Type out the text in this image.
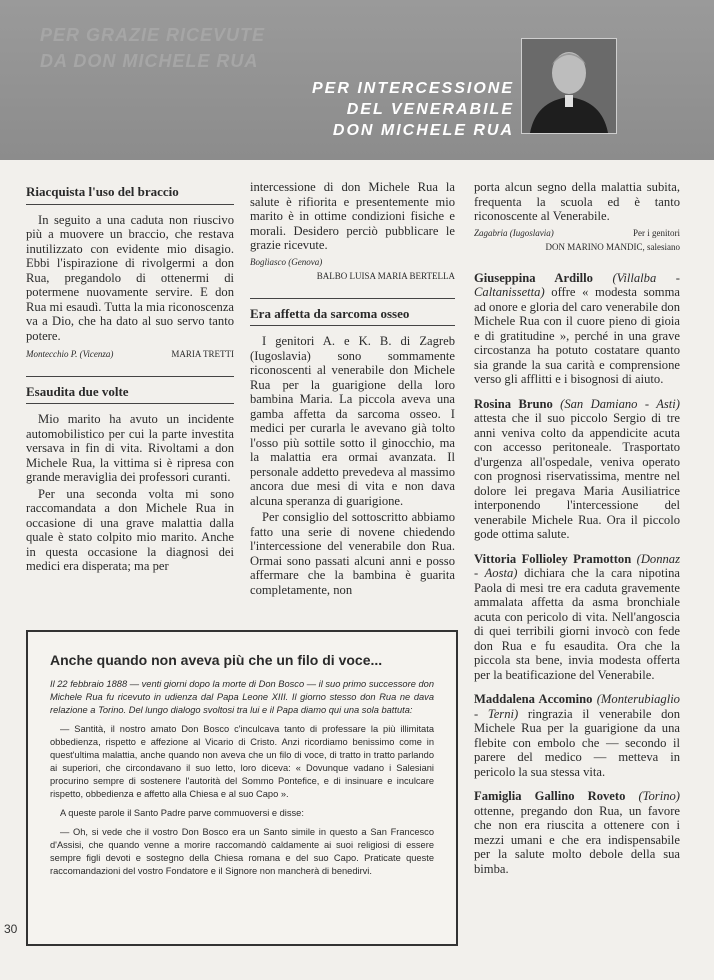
PER GRAZIE RICEVUTE
DA DON MICHELE RUA
PER INTERCESSIONE
DEL VENERABILE
DON MICHELE RUA
Riacquista l'uso del braccio

In seguito a una caduta non riuscivo più a muovere un braccio, che restava inutilizzato con evidente mio disagio. Ebbi l'ispirazione di rivolgermi a don Rua, pregandolo di ottenermi di potermene nuovamente servire. E don Rua mi esaudì. Tutta la mia riconoscenza va a Dio, che ha dato al suo servo tanto potere.

Montecchio P. (Vicenza)	MARIA TRETTI
Esaudita due volte

Mio marito ha avuto un incidente automobilistico per cui la parte investita versava in fin di vita. Rivoltami a don Michele Rua, la vittima si è ripresa con grande meraviglia dei professori curanti.

Per una seconda volta mi sono raccomandata a don Michele Rua in occasione di una grave malattia dalla quale è stato colpito mio marito. Anche in questa occasione la diagnosi dei medici era disperata; ma per

intercessione di don Michele Rua la salute è rifiorita e presentemente mio marito è in ottime condizioni fisiche e morali. Desidero perciò pubblicare le grazie ricevute.

Bogliasco (Genova)
BALBO LUISA MARIA BERTELLA
Era affetta da sarcoma osseo

I genitori A. e K. B. di Zagreb (Iugoslavia) sono sommamente riconoscenti al venerabile don Michele Rua per la guarigione della loro bambina Maria. La piccola aveva una gamba affetta da sarcoma osseo. I medici per curarla le avevano già tolto l'osso più sottile sotto il ginocchio, ma la malattia era ormai avanzata. Il personale addetto prevedeva al massimo ancora due mesi di vita e non dava alcuna speranza di guarigione.

Per consiglio del sottoscritto abbiamo fatto una serie di novene chiedendo l'intercessione del venerabile don Rua. Ormai sono passati alcuni anni e posso affermare che la bambina è guarita completamente, non

porta alcun segno della malattia subita, frequenta la scuola ed è tanto riconoscente al Venerabile.

Zagabria (Iugoslavia)	Per i genitori
DON MARINO MANDIC, salesiano

Giuseppina Ardillo (Villalba - Caltanissetta) offre « modesta somma ad onore e gloria del caro venerabile don Michele Rua con il cuore pieno di gioia e di gratitudine », perché in una grave circostanza ha potuto costatare quanto sia grande la sua carità e comprensione verso gli afflitti e i bisognosi di aiuto.

Rosina Bruno (San Damiano - Asti) attesta che il suo piccolo Sergio di tre anni veniva colto da appendicite acuta con accesso peritoneale. Trasportato d'urgenza all'ospedale, veniva operato con prognosi riservatissima, mentre nel dolore lei pregava Maria Ausiliatrice interponendo l'intercessione del venerabile Michele Rua. Ora il piccolo gode ottima salute.

Vittoria Follioley Pramotton (Donnaz - Aosta) dichiara che la cara nipotina Paola di mesi tre era caduta gravemente ammalata affetta da asma bronchiale acuta con pericolo di vita. Nell'angoscia di quei terribili giorni invocò con fede don Rua e fu esaudita. Ora che la piccola sta bene, invia modesta offerta per la beatificazione del Venerabile.

Maddalena Accomino (Monterubiaglio - Terni) ringrazia il venerabile don Michele Rua per la guarigione da una flebite con embolo che — secondo il parere del medico — metteva in pericolo la sua stessa vita.

Famiglia Gallino Roveto (Torino) ottenne, pregando don Rua, un favore che non era riuscita a ottenere con i mezzi umani e che era indispensabile per la salute molto debole della sua bimba.

Anche quando non aveva più che un filo di voce...

Il 22 febbraio 1888 — venti giorni dopo la morte di Don Bosco — il suo primo successore don Michele Rua fu ricevuto in udienza dal Papa Leone XIII. Il giorno stesso don Rua ne dava relazione a Torino. Del lungo dialogo svoltosi tra lui e il Papa diamo qui una sola battuta:

— Santità, il nostro amato Don Bosco c'inculcava tanto di professare la più illimitata obbedienza, rispetto e affezione al Vicario di Cristo. Anzi ricordiamo benissimo come in quest'ultima malattia, anche quando non aveva che un filo di voce, di tratto in tratto parlando ai superiori, che circondavano il suo letto, loro diceva: « Dovunque vadano i Salesiani procurino sempre di sostenere l'autorità del Sommo Pontefice, e di insinuare e inculcare rispetto, obbedienza e affetto alla Chiesa e al suo Capo ».

A queste parole il Santo Padre parve commuoversi e disse:

— Oh, si vede che il vostro Don Bosco era un Santo simile in questo a San Francesco d'Assisi, che quando venne a morire raccomandò caldamente ai suoi religiosi di essere sempre figli devoti e sostegno della Chiesa romana e del suo Capo. Praticate queste raccomandazioni del vostro Fondatore e il Signore non mancherà di benedirvi.

30
